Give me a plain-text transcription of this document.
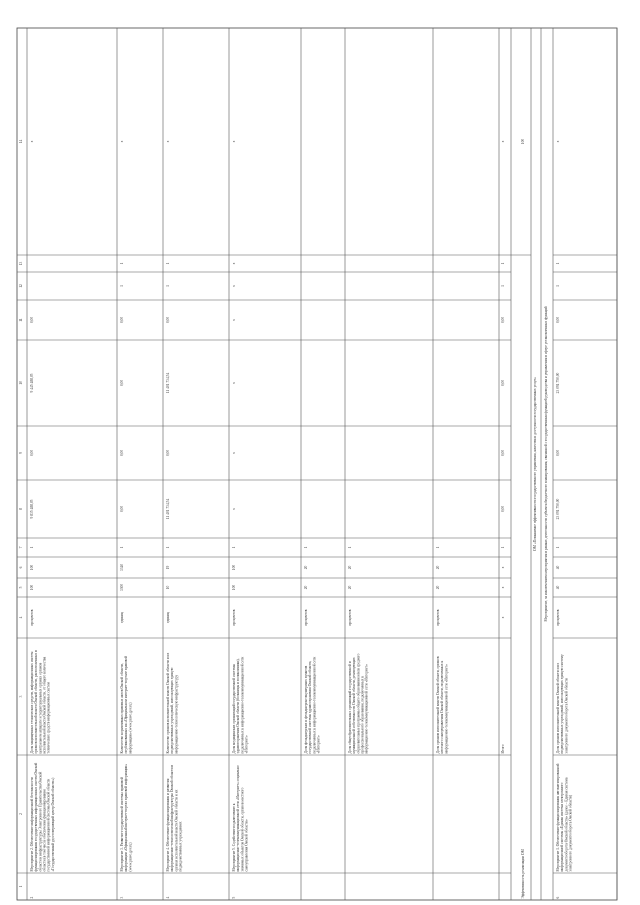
1
2
3
4
5
6
7
8
9
10
11
12
13
14
2
Мероприятие 2. Обеспечение информационной безопасностифункционирования государственных информационных систем Омскойобласти и инфраструктуры Электронного Правительства Омскойобласти (в том числе обеспечение функционированиягосударственной информационной системы Омской области«Государственный удостоверяющий центр Омской области»)
Доля защищенных технических средств, информационных системорганов исполнительной власти Омской области, расположенных вцентральном аппарате и территориальных органах органовисполнительной власти Омской области, от общего количестватехнических средств информационных систем
процентов
100
100
1
9 835 488,05
0,00
9 445 488,05
0,00
х
3
Мероприятие 3. Развитие государственной системы правовойинформации «Официальный интернет-портал правовой информации»(www.pravo.gov.ru)
Количество нормативных правовых актов Омской области,опубликованных на «Официальном интернет-портале правовойинформации» (www.pravo.gov.ru)
единиц
3300
3340
1
0,00
0,00
0,00
0,00
1
1
х
4
Мероприятие 4. Обеспечение функционирования и развитияинформационно-технологической инфраструктуры Омской области ворганах исполнительной власти Омской области и ихподведомственных учреждениях
Количество органов исполнительной власти Омской области и ихподведомственных учреждений, использующих единуюинформационно-технологическую инфраструктуру
единиц
10
19
1
11 401 734,54
0,00
11 401 734,54
0,00
1
1
х
5
Мероприятие 5. Содействие подключению кинформационно-телекоммуникационной сети «Интернет» социальнозначимых объектов Омской области, органов местногосамоуправления Омской области»
Доля медицинских организаций государственной системыздравоохранения Омской области (больницы и поликлиники),подключенных к информационно-телекоммуникационной сети«Интернет»
процентов
100
100
1
х
х
х
х
х
х
х
Доля фельдшерских и фельдшерско-акушерских пунктовгосударственной системы здравоохранения Омской области,подключенных к информационно-телекоммуникационной сети«Интернет»
процентов
20
20
1
Доля общеобразовательных организаций государственной имуниципальной собственности Омской области, реализующихобразовательные программы общего образования и/или среднегопрофессионального образования, подключенных кинформационно-телекоммуникационной сети «Интернет»
процентов
20
20
1
Доля органов исполнительной власти Омской области, органовместного самоуправления Омской области, подключенных кинформационно-телекоммуникационной сети «Интернет»
процентов
20
20
1
Итого
х
х
х
1
0,00
0,00
0,00
0,00
1
1
х
Эффективность реализации ОМ
100
ОМ «Повышение эффективности государственного управления, качества и доступности государственных услуг» Мероприятие, за исключением мероприятия в рамках деятельности субъекта бюджетного планирования, связанной с государственным функцией руководства и управления в сфере установленных функций
6
Мероприятие 1. Обеспечение функционирования автоматизированнойинформационной системы «Единая система электронногодокументооборота Омской области» (далее – Единая системаэлектронного документооборота Омской области)
Доля органов исполнительной власти Омской области и ихподведомственных учреждений, использующих единую системуэлектронного документооборота Омской области
процентов
40
40
1
23 091 750,00
0,00
23 091 750,00
0,00
1
1
х
